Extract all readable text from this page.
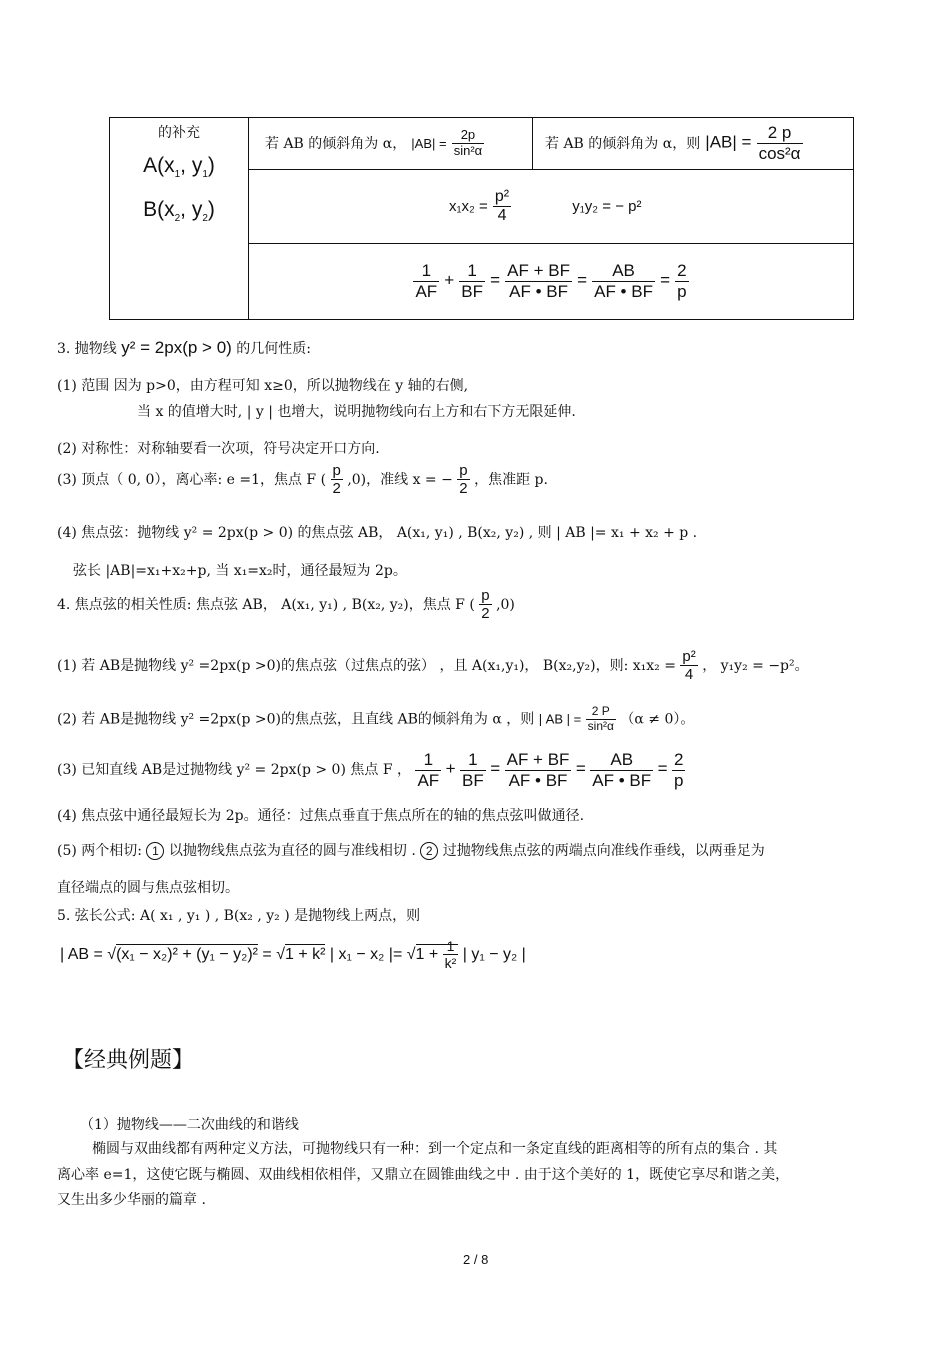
的补充
$A(x_1$, $y_1$)
$B(x_2$, $y_2$)
	若 AB 的倾斜角为 α， $|AB| = \frac{2p}{\text{sin²α}}$	若 AB 的倾斜角为 α，则 $|AB| = \frac{2 p}{\text{cos²α}}$

$x_1x_2 = \frac{\text{p²}}{4}$	y₁y₂ = − p²

$\frac{1}{AF} + \frac{1}{BF} = \frac{AF + BF}{AF • BF} = \frac{AB}{AF • BF} = \frac{2}{p}$
3. 抛物线 y² = 2px(p > 0) 的几何性质:
(1) 范围 因为 p>0，由方程可知 x≥0，所以抛物线在 y 轴的右侧,
当 x 的值增大时, | y | 也增大，说明抛物线向右上方和右下方无限延伸.
(2) 对称性：对称轴要看一次项，符号决定开口方向.
(3) 顶点（ 0, 0），离心率: e =1，焦点 F ( $\frac{p}{2} ,0$)，准线 x = − $\frac{p}{2}$ ，焦准距 p.
(4) 焦点弦：抛物线 y² = 2px(p > 0) 的焦点弦 AB， A(x₁, y₁) , B(x₂, y₂) , 则 | AB |= x₁ + x₂ + p .
弦长 |AB|=x₁+x₂+p, 当 x₁=x₂时，通径最短为 2p。
4. 焦点弦的相关性质: 焦点弦 AB， A(x₁, y₁) , B(x₂, y₂)，焦点 F ( $\frac{p}{2} ,0$)
(1) 若 AB是抛物线 y² =2px(p >0)的焦点弦（过焦点的弦） ，且 A(x₁,y₁)， B(x₂,y₂)，则: $x_1x_2 = \frac{\text{p²}}{4}$ ， y₁y₂ = −p²。
(2) 若 AB是抛物线 y² =2px(p >0)的焦点弦，且直线 AB的倾斜角为 α ，则 | AB | = $\frac{2 P}{\text{sin²α}} (\alpha \ne 0)$。
(3) 已知直线 AB是过抛物线 y² = 2px(p > 0) 焦点 F ， $\frac{1}{AF} + \frac{1}{BF} = \frac{AF + BF}{AF • BF} = \frac{AB}{AF • BF} = \frac{2}{p}$
(4) 焦点弦中通径最短长为 2p。通径：过焦点垂直于焦点所在的轴的焦点弦叫做通径.
(5) 两个相切: 1 以抛物线焦点弦为直径的圆与准线相切 . 2 过抛物线焦点弦的两端点向准线作垂线，以两垂足为
直径端点的圆与焦点弦相切。
5. 弦长公式: A( x₁ , y₁ ) , B(x₂ , y₂ ) 是抛物线上两点，则
| AB = √(x₁ − x₂)² + (y₁ − y₂)² = √1 + k² | x₁ − x₂ |= $√1 + \frac{1}{\text{k²}}$ | y₁ − y₂ |
【经典例题】
（1）抛物线——二次曲线的和谐线
椭圆与双曲线都有两种定义方法，可抛物线只有一种：到一个定点和一条定直线的距离相等的所有点的集合 . 其
离心率 e=1，这使它既与椭圆、双曲线相依相伴，又鼎立在圆锥曲线之中 . 由于这个美好的 1，既使它享尽和谐之美，
又生出多少华丽的篇章 .
2 / 8
